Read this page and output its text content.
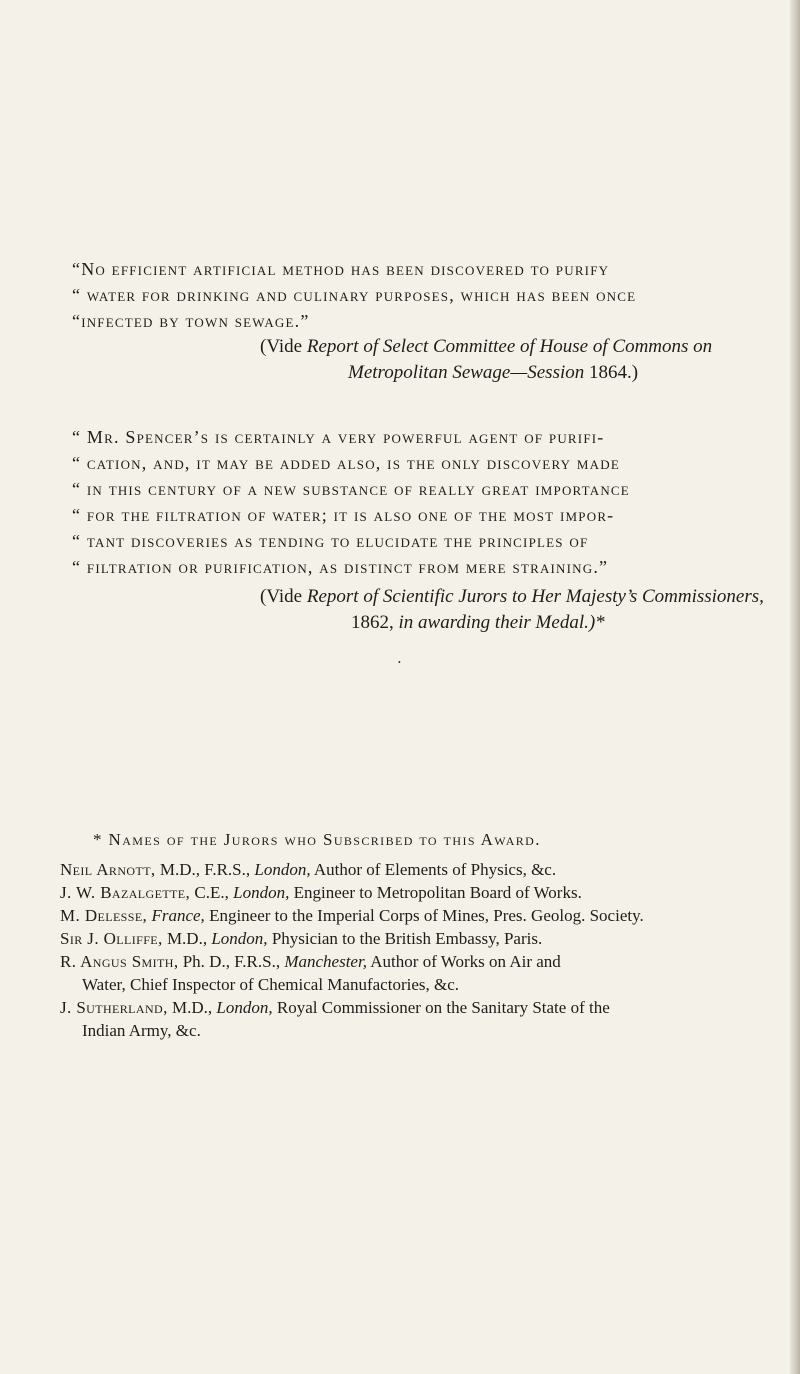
“No efficient artificial method has been discovered to purify
“ water for drinking and culinary purposes, which has been once
“infected by town sewage.”
(Vide Report of Select Committee of House of Commons on
Metropolitan Sewage—Session 1864.)
“ Mr. Spencer’s is certainly a very powerful agent of purifi-
“ cation, and, it may be added also, is the only discovery made
“ in this century of a new substance of really great importance
“ for the filtration of water; it is also one of the most impor-
“ tant discoveries as tending to elucidate the principles of
“ filtration or purification, as distinct from mere straining.”
(Vide Report of Scientific Jurors to Her Majesty’s Commissioners,
1862, in awarding their Medal.)*
•
* Names of the Jurors who Subscribed to this Award.
Neil Arnott, M.D., F.R.S., London, Author of Elements of Physics, &c.
J. W. Bazalgette, C.E., London, Engineer to Metropolitan Board of Works.
M. Delesse, France, Engineer to the Imperial Corps of Mines, Pres. Geolog. Society.
Sir J. Olliffe, M.D., London, Physician to the British Embassy, Paris.
R. Angus Smith, Ph. D., F.R.S., Manchester, Author of Works on Air and
Water, Chief Inspector of Chemical Manufactories, &c.
J. Sutherland, M.D., London, Royal Commissioner on the Sanitary State of the
Indian Army, &c.
